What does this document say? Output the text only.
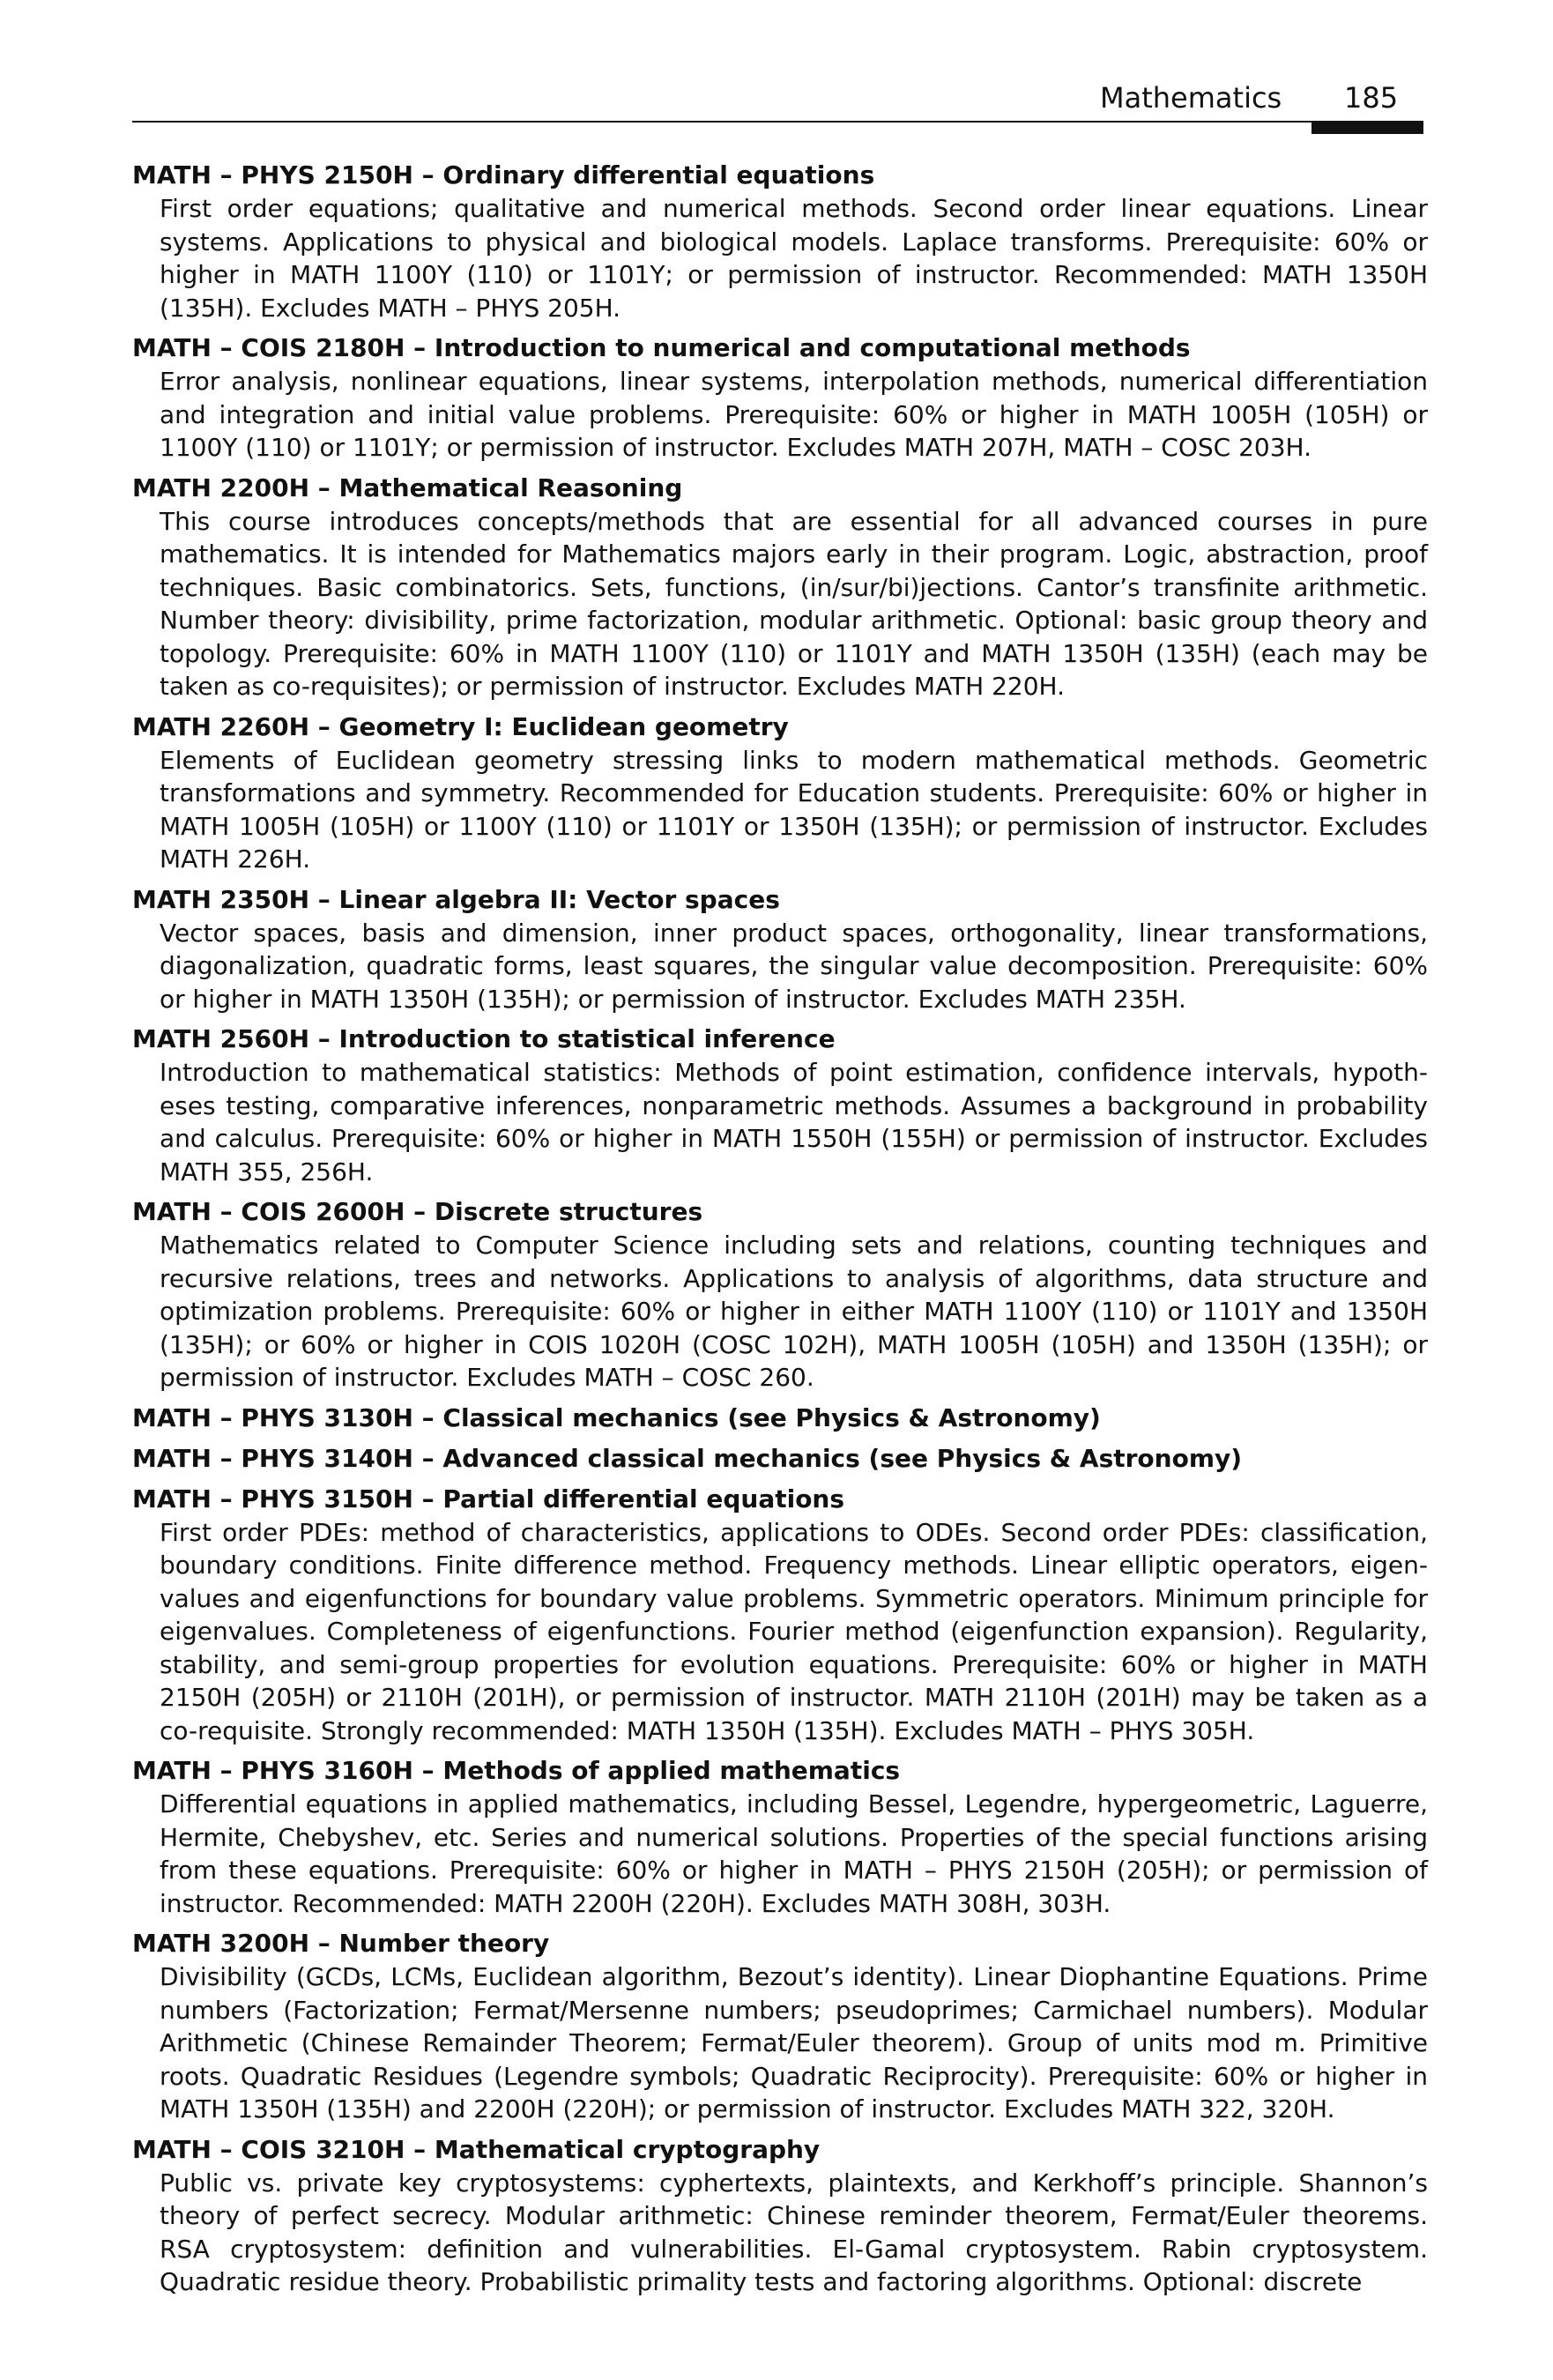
Mathematics 185
MATH – PHYS 2150H – Ordinary differential equations
First order equations; qualitative and numerical methods. Second order linear equations. Linear systems. Applications to physical and biological models. Laplace transforms. Prerequisite: 60% or higher in MATH 1100Y (110) or 1101Y; or permission of instructor. Recommended: MATH 1350H (135H). Excludes MATH – PHYS 205H.
MATH – COIS 2180H – Introduction to numerical and computational methods
Error analysis, nonlinear equations, linear systems, interpolation methods, numerical differentiation and integration and initial value problems. Prerequisite: 60% or higher in MATH 1005H (105H) or 1100Y (110) or 1101Y; or permission of instructor. Excludes MATH 207H, MATH – COSC 203H.
MATH 2200H – Mathematical Reasoning
This course introduces concepts/methods that are essential for all advanced courses in pure mathematics. It is intended for Mathematics majors early in their program. Logic, abstraction, proof techniques. Basic combinatorics. Sets, functions, (in/sur/bi)jections. Cantor’s transfinite arithmetic. Number theory: divisibility, prime factorization, modular arithmetic. Optional: basic group theory and topology. Prerequisite: 60% in MATH 1100Y (110) or 1101Y and MATH 1350H (135H) (each may be taken as co-requisites); or permission of instructor. Excludes MATH 220H.
MATH 2260H – Geometry I: Euclidean geometry
Elements of Euclidean geometry stressing links to modern mathematical methods. Geometric transformations and symmetry. Recommended for Education students. Prerequisite: 60% or higher in MATH 1005H (105H) or 1100Y (110) or 1101Y or 1350H (135H); or permission of instructor. Excludes MATH 226H.
MATH 2350H – Linear algebra II: Vector spaces
Vector spaces, basis and dimension, inner product spaces, orthogonality, linear transformations, diagonalization, quadratic forms, least squares, the singular value decomposition. Prerequisite: 60% or higher in MATH 1350H (135H); or permission of instructor. Excludes MATH 235H.
MATH 2560H – Introduction to statistical inference
Introduction to mathematical statistics: Methods of point estimation, confidence intervals, hypoth-eses testing, comparative inferences, nonparametric methods. Assumes a background in probability and calculus. Prerequisite: 60% or higher in MATH 1550H (155H) or permission of instructor. Excludes MATH 355, 256H.
MATH – COIS 2600H – Discrete structures
Mathematics related to Computer Science including sets and relations, counting techniques and recursive relations, trees and networks. Applications to analysis of algorithms, data structure and optimization problems. Prerequisite: 60% or higher in either MATH 1100Y (110) or 1101Y and 1350H (135H); or 60% or higher in COIS 1020H (COSC 102H), MATH 1005H (105H) and 1350H (135H); or permission of instructor. Excludes MATH – COSC 260.
MATH – PHYS 3130H – Classical mechanics (see Physics & Astronomy)
MATH – PHYS 3140H – Advanced classical mechanics (see Physics & Astronomy)
MATH – PHYS 3150H – Partial differential equations
First order PDEs: method of characteristics, applications to ODEs. Second order PDEs: classification, boundary conditions. Finite difference method. Frequency methods. Linear elliptic operators, eigen-values and eigenfunctions for boundary value problems. Symmetric operators. Minimum principle for eigenvalues. Completeness of eigenfunctions. Fourier method (eigenfunction expansion). Regularity, stability, and semi-group properties for evolution equations. Prerequisite: 60% or higher in MATH 2150H (205H) or 2110H (201H), or permission of instructor. MATH 2110H (201H) may be taken as a co-requisite. Strongly recommended: MATH 1350H (135H). Excludes MATH – PHYS 305H.
MATH – PHYS 3160H – Methods of applied mathematics
Differential equations in applied mathematics, including Bessel, Legendre, hypergeometric, Laguerre, Hermite, Chebyshev, etc. Series and numerical solutions. Properties of the special functions arising from these equations. Prerequisite: 60% or higher in MATH – PHYS 2150H (205H); or permission of instructor. Recommended: MATH 2200H (220H). Excludes MATH 308H, 303H.
MATH 3200H – Number theory
Divisibility (GCDs, LCMs, Euclidean algorithm, Bezout’s identity). Linear Diophantine Equations. Prime numbers (Factorization; Fermat/Mersenne numbers; pseudoprimes; Carmichael numbers). Modular Arithmetic (Chinese Remainder Theorem; Fermat/Euler theorem). Group of units mod m. Primitive roots. Quadratic Residues (Legendre symbols; Quadratic Reciprocity). Prerequisite: 60% or higher in MATH 1350H (135H) and 2200H (220H); or permission of instructor. Excludes MATH 322, 320H.
MATH – COIS 3210H – Mathematical cryptography
Public vs. private key cryptosystems: cyphertexts, plaintexts, and Kerkhoff’s principle. Shannon’s theory of perfect secrecy. Modular arithmetic: Chinese reminder theorem, Fermat/Euler theorems. RSA cryptosystem: definition and vulnerabilities. El-Gamal cryptosystem. Rabin cryptosystem. Quadratic residue theory. Probabilistic primality tests and factoring algorithms. Optional: discrete
